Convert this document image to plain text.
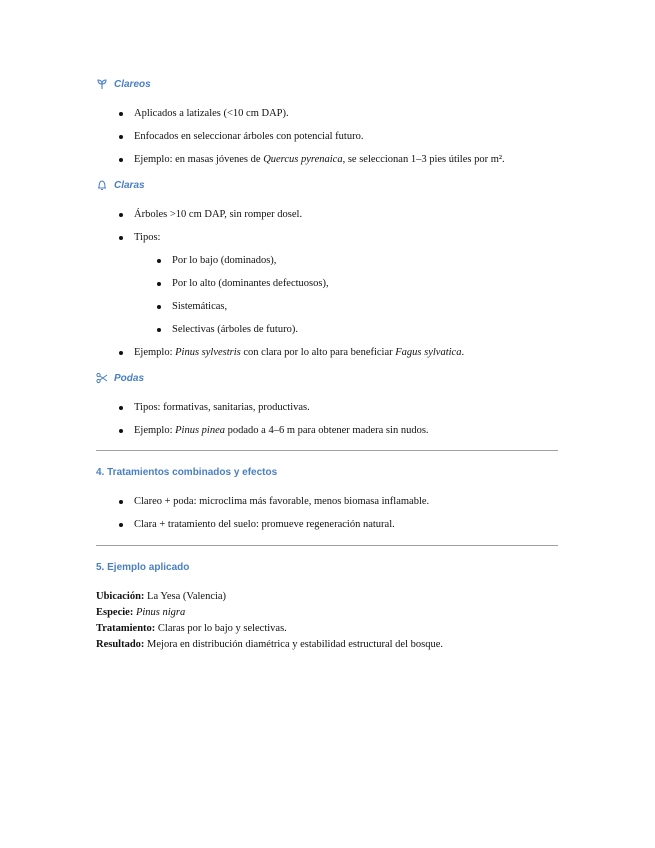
Clareos
Aplicados a latizales (<10 cm DAP).
Enfocados en seleccionar árboles con potencial futuro.
Ejemplo: en masas jóvenes de Quercus pyrenaica, se seleccionan 1–3 pies útiles por m².
Claras
Árboles >10 cm DAP, sin romper dosel.
Tipos:
Por lo bajo (dominados),
Por lo alto (dominantes defectuosos),
Sistemáticas,
Selectivas (árboles de futuro).
Ejemplo: Pinus sylvestris con clara por lo alto para beneficiar Fagus sylvatica.
Podas
Tipos: formativas, sanitarias, productivas.
Ejemplo: Pinus pinea podado a 4–6 m para obtener madera sin nudos.
4. Tratamientos combinados y efectos
Clareo + poda: microclima más favorable, menos biomasa inflamable.
Clara + tratamiento del suelo: promueve regeneración natural.
5. Ejemplo aplicado
Ubicación: La Yesa (Valencia)
Especie: Pinus nigra
Tratamiento: Claras por lo bajo y selectivas.
Resultado: Mejora en distribución diamétrica y estabilidad estructural del bosque.
